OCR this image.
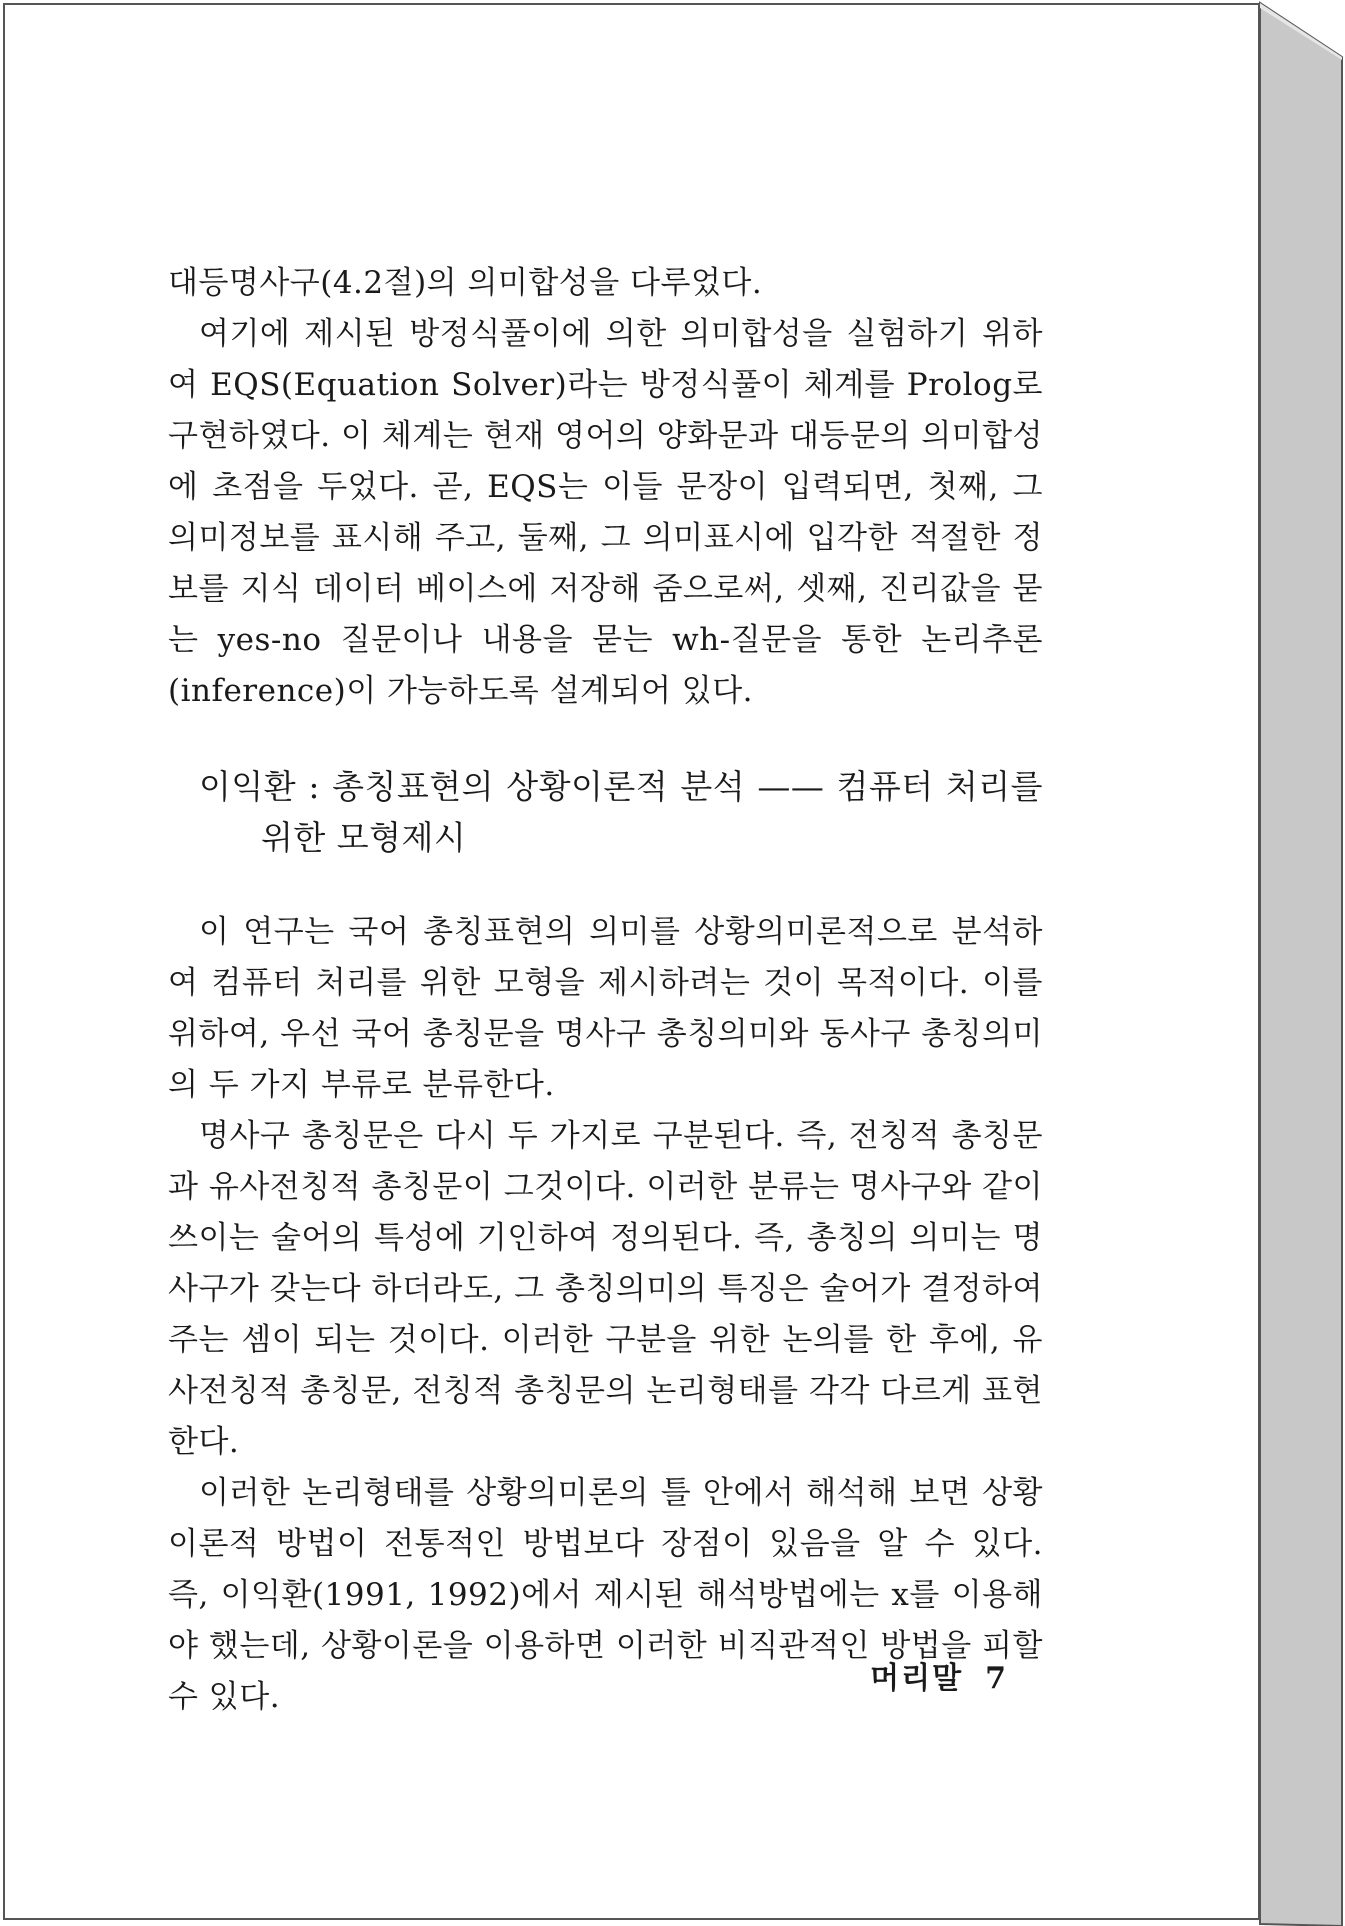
대등명사구(4.2절)의 의미합성을 다루었다.

여기에 제시된 방정식풀이에 의한 의미합성을 실험하기 위하여 EQS(Equation Solver)라는 방정식풀이 체계를 Prolog로 구현하였다. 이 체계는 현재 영어의 양화문과 대등문의 의미합성에 초점을 두었다. 곧, EQS는 이들 문장이 입력되면, 첫째, 그 의미정보를 표시해 주고, 둘째, 그 의미표시에 입각한 적절한 정보를 지식 데이터 베이스에 저장해 줌으로써, 셋째, 진리값을 묻는 yes-no 질문이나 내용을 묻는 wh-질문을 통한 논리추론(inference)이 가능하도록 설계되어 있다.

이익환 : 총칭표현의 상황이론적 분석 —— 컴퓨터 처리를 위한 모형제시

이 연구는 국어 총칭표현의 의미를 상황의미론적으로 분석하여 컴퓨터 처리를 위한 모형을 제시하려는 것이 목적이다. 이를 위하여, 우선 국어 총칭문을 명사구 총칭의미와 동사구 총칭의미의 두 가지 부류로 분류한다.

명사구 총칭문은 다시 두 가지로 구분된다. 즉, 전칭적 총칭문과 유사전칭적 총칭문이 그것이다. 이러한 분류는 명사구와 같이 쓰이는 술어의 특성에 기인하여 정의된다. 즉, 총칭의 의미는 명사구가 갖는다 하더라도, 그 총칭의미의 특징은 술어가 결정하여 주는 셈이 되는 것이다. 이러한 구분을 위한 논의를 한 후에, 유사전칭적 총칭문, 전칭적 총칭문의 논리형태를 각각 다르게 표현한다.

이러한 논리형태를 상황의미론의 틀 안에서 해석해 보면 상황이론적 방법이 전통적인 방법보다 장점이 있음을 알 수 있다. 즉, 이익환(1991, 1992)에서 제시된 해석방법에는 x를 이용해야 했는데, 상황이론을 이용하면 이러한 비직관적인 방법을 피할 수 있다.

머리말 7
